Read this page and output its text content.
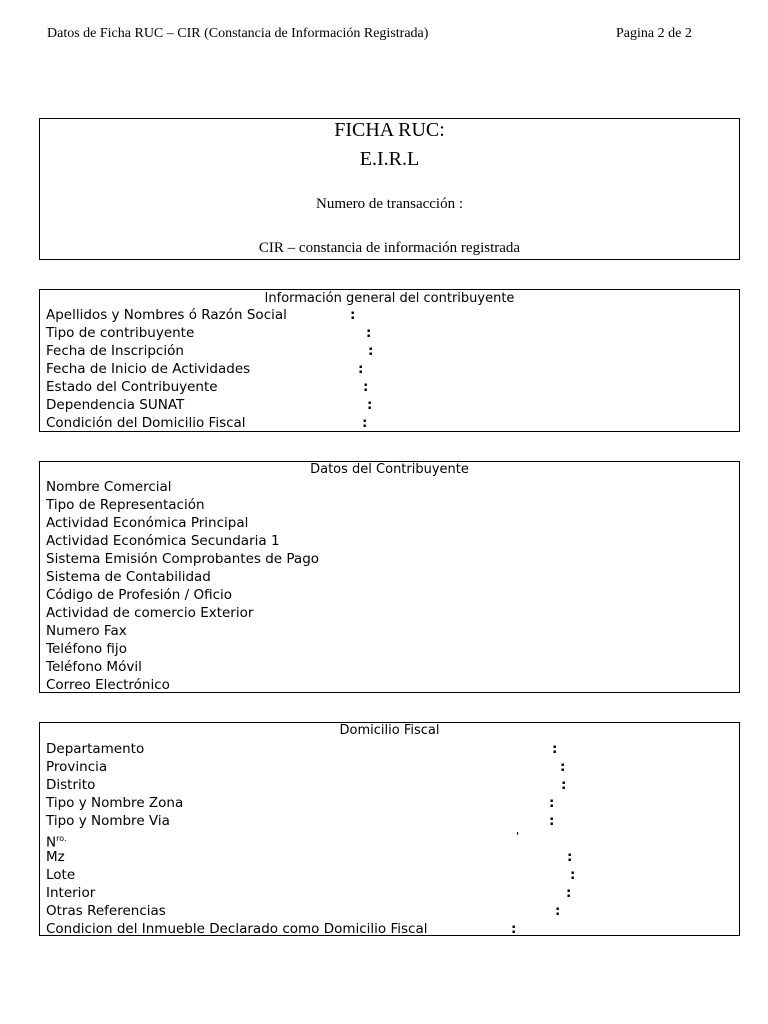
Datos de Ficha RUC – CIR (Constancia de Información Registrada)	Pagina 2 de 2
FICHA RUC:
E.I.R.L
Numero de transacción :
CIR – constancia de información registrada
Información general del contribuyente
Apellidos y Nombres ó Razón Social
Tipo de contribuyente
Fecha de Inscripción
Fecha de Inicio de Actividades
Estado del Contribuyente
Dependencia SUNAT
Condición del Domicilio Fiscal
:
:
:
:
:
:
:
Datos del Contribuyente
Nombre Comercial
Tipo de Representación
Actividad Económica Principal
Actividad Económica Secundaria 1
Sistema Emisión Comprobantes de Pago
Sistema de Contabilidad
Código de Profesión / Oficio
Actividad de comercio Exterior
Numero Fax
Teléfono fijo
Teléfono Móvil
Correo Electrónico
Domicilio Fiscal
Departamento
Provincia
Distrito
Tipo y Nombre Zona
Tipo y Nombre Via
$N^{ro.}$
Mz
Lote
Interior
Otras Referencias
Condicion del Inmueble Declarado como Domicilio Fiscal
:
:
:
:
:
'
:
:
:
:
:
